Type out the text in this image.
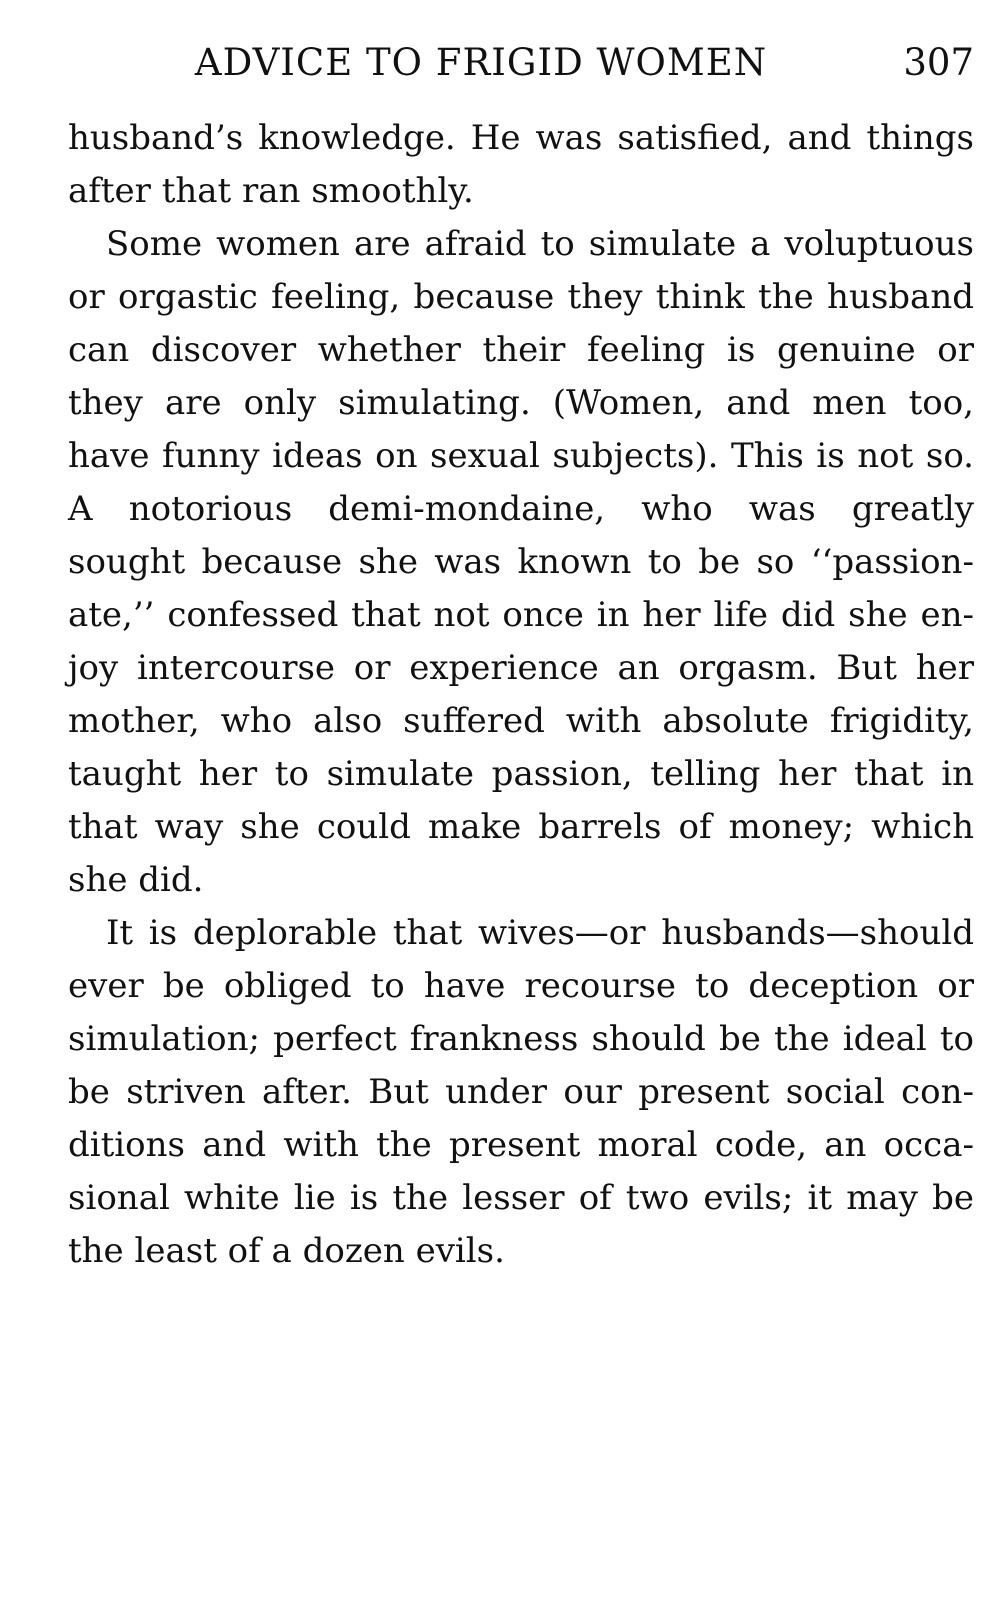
ADVICE TO FRIGID WOMEN	307

husband’s knowledge. He was satisfied, and things after that ran smoothly.

Some women are afraid to simulate a voluptuous or orgastic feeling, because they think the husband can discover whether their feeling is genuine or they are only simulating. (Women, and men too, have funny ideas on sexual subjects). This is not so. A notorious demi-mondaine, who was greatly sought because she was known to be so ‘‘passionate,’’ confessed that not once in her life did she enjoy intercourse or experience an orgasm. But her mother, who also suffered with absolute frigidity, taught her to simulate passion, telling her that in that way she could make barrels of money; which she did.

It is deplorable that wives—or husbands—should ever be obliged to have recourse to deception or simulation; perfect frankness should be the ideal to be striven after. But under our present social conditions and with the present moral code, an occasional white lie is the lesser of two evils; it may be the least of a dozen evils.
